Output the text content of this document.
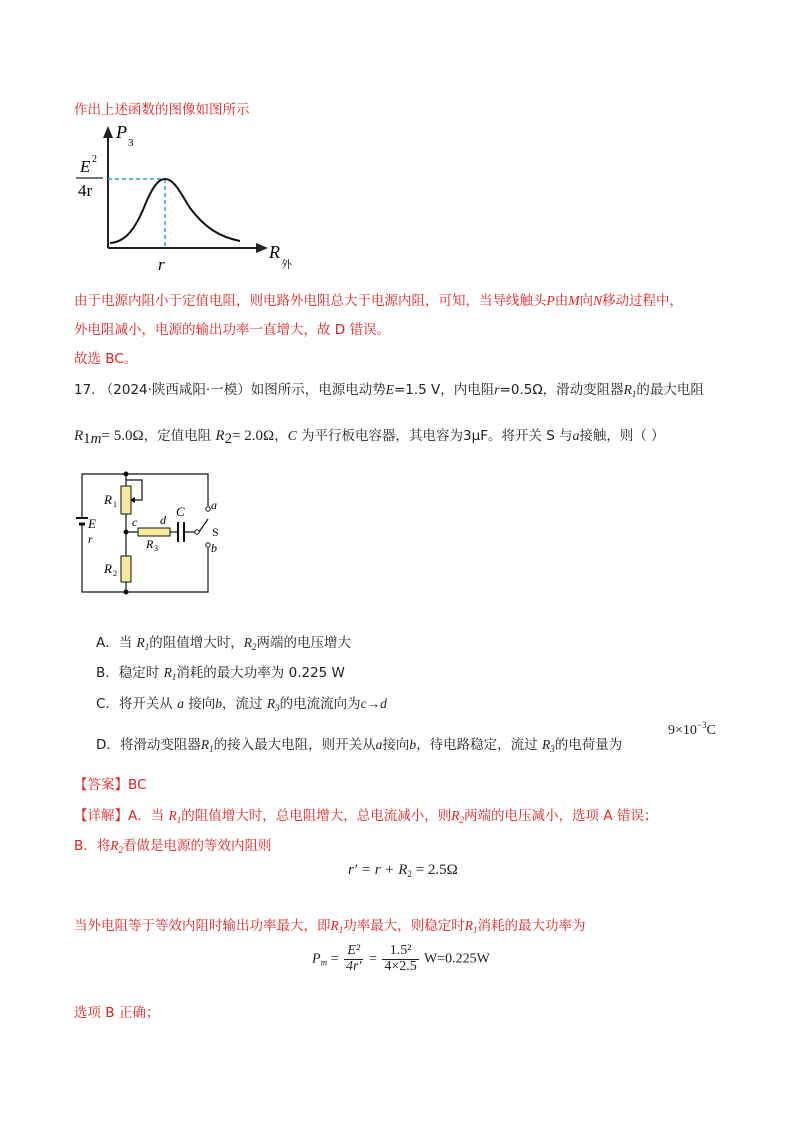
作出上述函数的图像如图所示
P
3
E 2
4r
r
R
外
由于电源内阻小于定值电阻，则电路外电阻总大于电源内阻，可知，当导线触头P由M向N移动过程中，
外电阻减小，电源的输出功率一直增大，故 D 错误。
故选 BC。
17. （2024·陕西咸阳·一模）如图所示，电源电动势E=1.5 V，内电阻r=0.5Ω，滑动变阻器$R_1$的最大电阻
R1m= 5.0Ω，定值电阻 R2= 2.0Ω，C 为平行板电容器，其电容为3μF。将开关 S 与a接触，则（ ）
R 1
R 2
R 3
E
r
c d
C a
S
b
A．当 $R_1$的阻值增大时，$R_2$两端的电压增大
B．稳定时 $R_1$消耗的最大功率为 0.225 W
C．将开关从 a 接向b，流过 $R_3$的电流流向为c→d
D．将滑动变阻器$R_1$的接入最大电阻，则开关从a接向b，待电路稳定，流过 $R_3$的电荷量为
$9\times 10^{-3}C$
【答案】BC
【详解】A．当 $R_1$的阻值增大时，总电阻增大，总电流减小，则$R_2$两端的电压减小，选项 A 错误；
B．将$R_2$看做是电源的等效内阻则
$r' = r + R_2 = 2.5\Omega$
当外电阻等于等效内阻时输出功率最大，即$R_1$功率最大，则稳定时$R_1$消耗的最大功率为
$P_m = \frac{\text{E²}}{4r'} = \frac{\text{1.5²}}{4\times 2.5} W=0.225W$
选项 B 正确；
